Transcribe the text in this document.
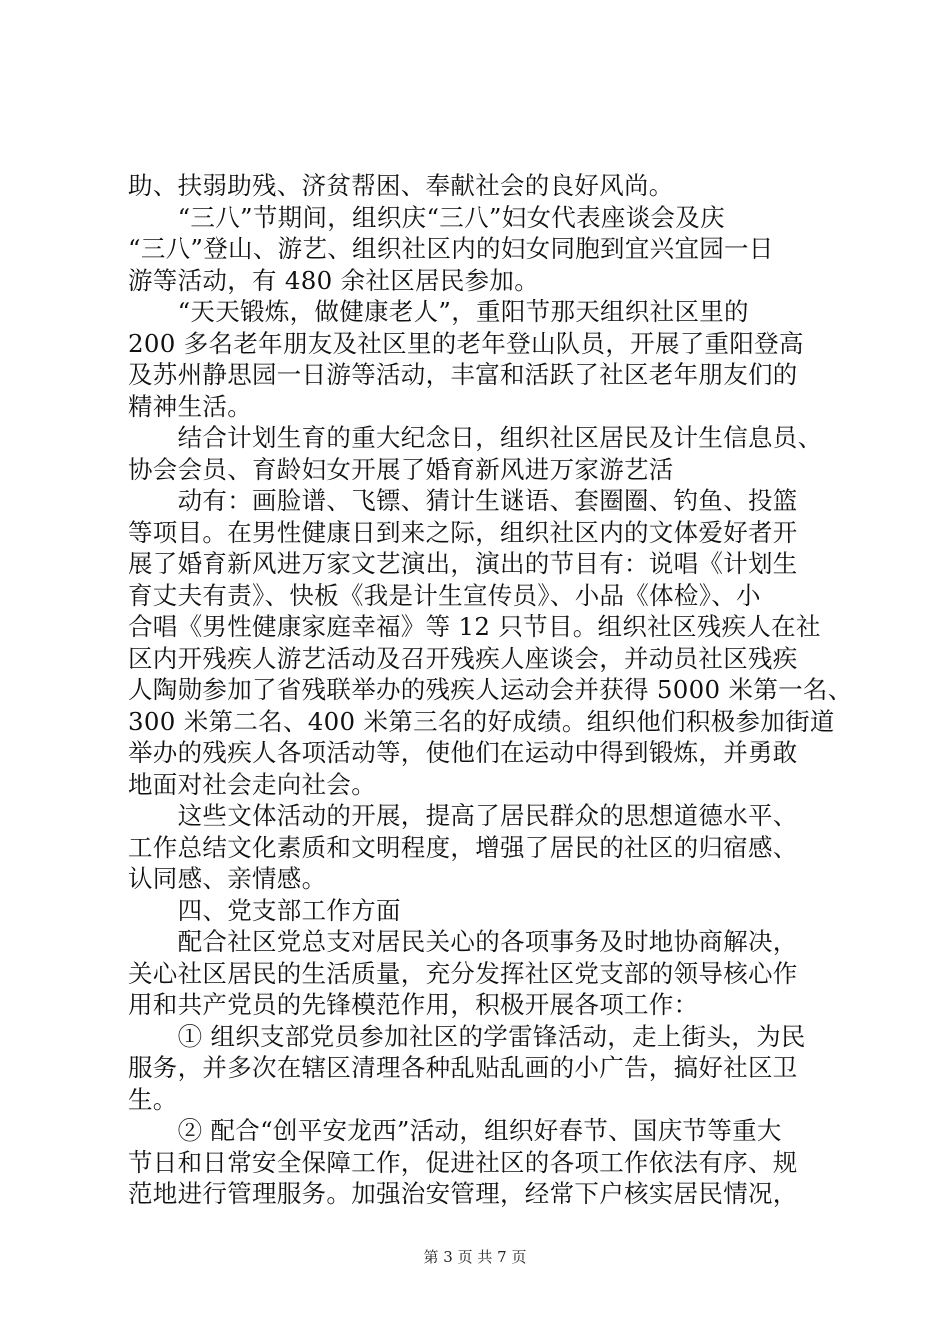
助、扶弱助残、济贫帮困、奉献社会的良好风尚。
　　“三八”节期间，组织庆“三八”妇女代表座谈会及庆
“三八”登山、游艺、组织社区内的妇女同胞到宜兴宜园一日
游等活动，有 480 余社区居民参加。
　　“天天锻炼，做健康老人”，重阳节那天组织社区里的
200 多名老年朋友及社区里的老年登山队员，开展了重阳登高
及苏州静思园一日游等活动，丰富和活跃了社区老年朋友们的
精神生活。
　　结合计划生育的重大纪念日，组织社区居民及计生信息员、
协会会员、育龄妇女开展了婚育新风进万家游艺活
　　动有：画脸谱、飞镖、猜计生谜语、套圈圈、钓鱼、投篮
等项目。在男性健康日到来之际，组织社区内的文体爱好者开
展了婚育新风进万家文艺演出，演出的节目有：说唱《计划生
育丈夫有责》、快板《我是计生宣传员》、小品《体检》、小
合唱《男性健康家庭幸福》等 12 只节目。组织社区残疾人在社
区内开残疾人游艺活动及召开残疾人座谈会，并动员社区残疾
人陶勋参加了省残联举办的残疾人运动会并获得 5000 米第一名、
300 米第二名、400 米第三名的好成绩。组织他们积极参加街道
举办的残疾人各项活动等，使他们在运动中得到锻炼，并勇敢
地面对社会走向社会。
　　这些文体活动的开展，提高了居民群众的思想道德水平、
工作总结文化素质和文明程度，增强了居民的社区的归宿感、
认同感、亲情感。
　　四、党支部工作方面
　　配合社区党总支对居民关心的各项事务及时地协商解决，
关心社区居民的生活质量，充分发挥社区党支部的领导核心作
用和共产党员的先锋模范作用，积极开展各项工作：
　　① 组织支部党员参加社区的学雷锋活动，走上街头，为民
服务，并多次在辖区清理各种乱贴乱画的小广告，搞好社区卫
生。
　　② 配合“创平安龙西”活动，组织好春节、国庆节等重大
节日和日常安全保障工作，促进社区的各项工作依法有序、规
范地进行管理服务。加强治安管理，经常下户核实居民情况，
第 3 页 共 7 页
